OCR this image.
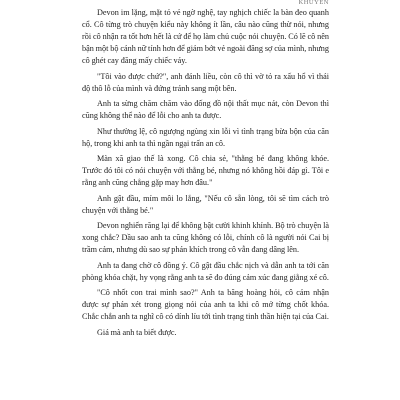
KHUYÊN

Devon im lặng, mặt tỏ vẻ ngờ nghệ, tay nghịch chiếc la bàn đeo quanh cổ. Cô từng trò chuyện kiểu này không ít lần, câu nào cũng thừ nói, nhưng rồi cô nhận ra tốt hơn hết là cứ để họ làm chủ cuộc nói chuyện. Có lẽ cô nên bận một bộ cánh nữ tính hơn để giảm bớt vẻ ngoài đăng sợ của mình, nhưng cô ghét cay đăng mấy chiếc váy.

"Tôi vào được chứ?", anh đánh liều, còn cô thì vờ tỏ ra xấu hổ vì thái độ thô lỗ của mình và đứng tránh sang một bên.

Anh ta sừng chăm chăm vào đống đồ nội thất mục nát, còn Devon thì cũng không thể nào để lỗi cho anh ta được.

Như thường lệ, cô ngượng ngùng xin lỗi vì tình trạng bừa bộn của căn hộ, trong khi anh ta thì ngần ngại trấn an cô.

Màn xã giao thế là xong. Cô chia sẻ, "thằng bé đang không khóe. Trước đó tôi có nói chuyện với thằng bé, nhưng nó không hồi đáp gì. Tôi e rằng anh cũng chẳng gặp may hơn đâu."

Anh gật đầu, mím môi lo lắng, "Nếu cô sẵn lòng, tôi sẽ tìm cách trò chuyện với thằng bé."

Devon nghiến răng lại để không bật cười khinh khỉnh. Bộ trò chuyện là xong chắc? Dầu sao anh ta cũng không có lỗi, chính cô là người nói Cai bị trầm cảm, nhưng dù sao sự phán khích trong cô vẫn đang dâng lên.

Anh ta đang chờ cô đồng ý. Cô gật đầu chắc nịch và dẫn anh ta tới căn phòng khóa chặt, hy vọng rằng anh ta sẽ đo đúng cảm xúc đang giằng xé cô.

"Cô nhốt con trai mình sao?" Anh ta băng hoàng hỏi, cô cảm nhận được sự phán xét trong giọng nói của anh ta khi cô mở từng chốt khóa. Chắc chắn anh ta nghĩ cô có dính líu tới tình trạng tinh thần hiện tại của Cai.

Giá mà anh ta biết được.
